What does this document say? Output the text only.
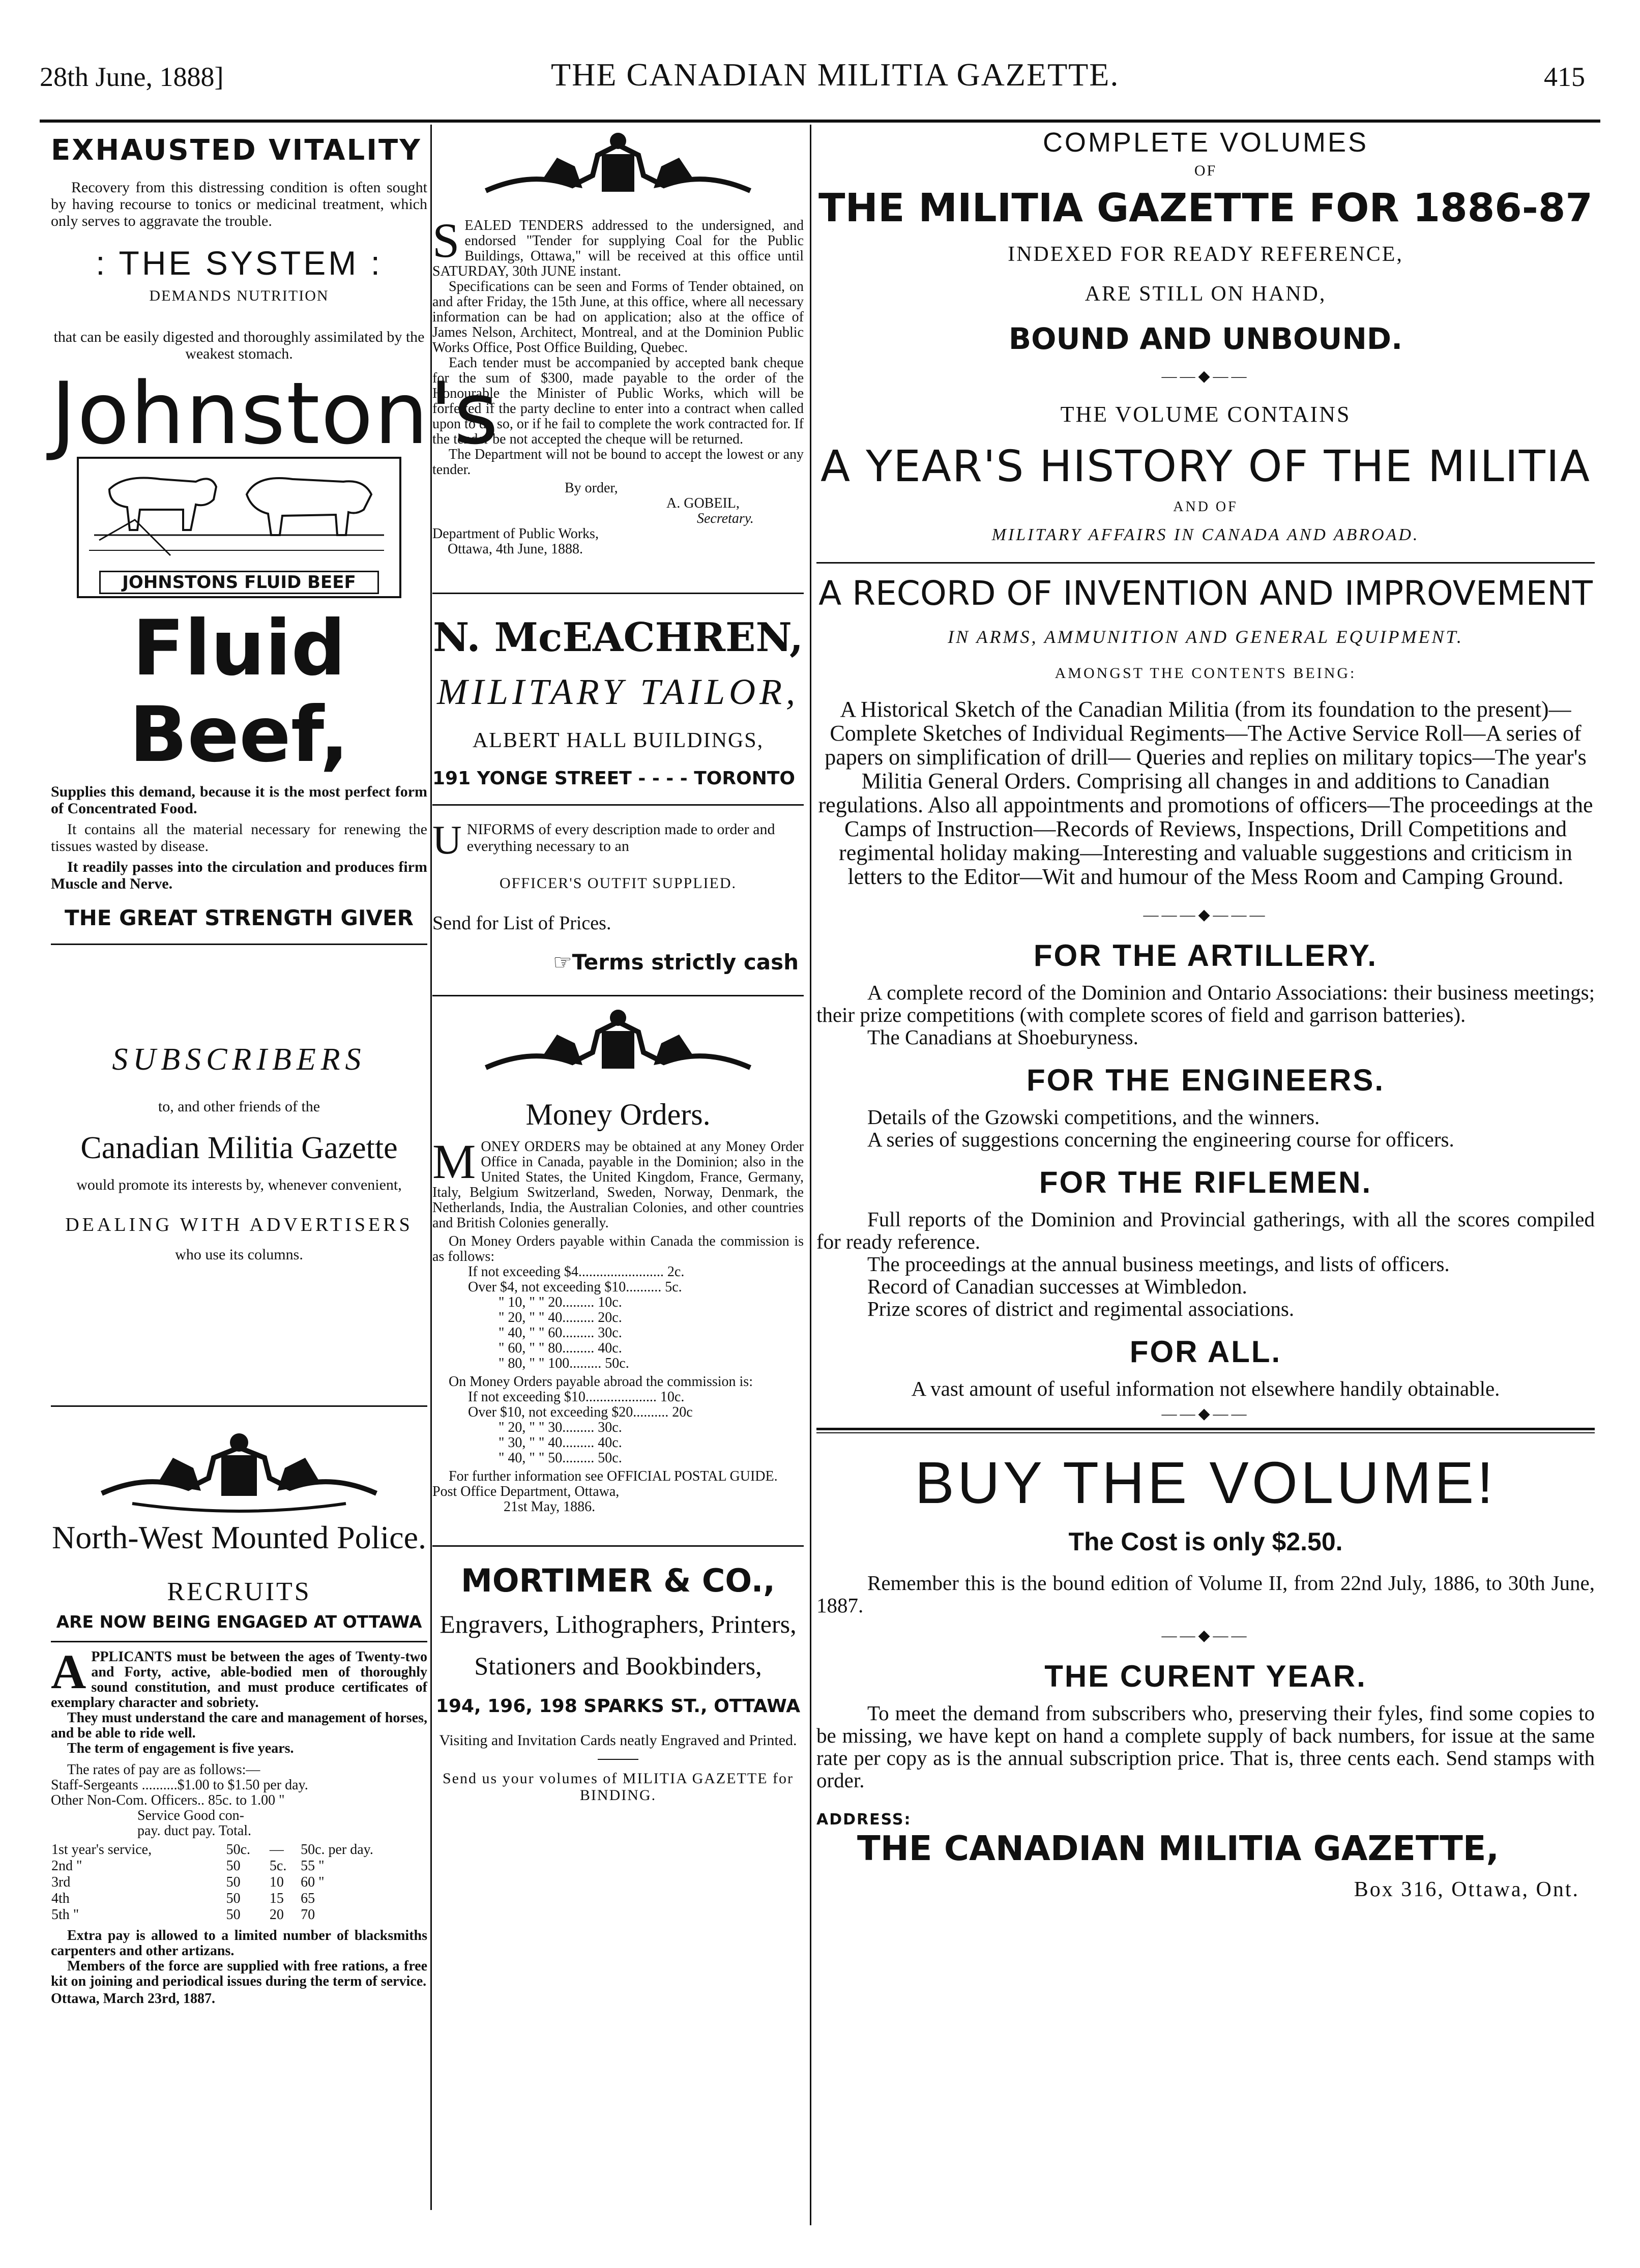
28th June, 1888]	THE CANADIAN MILITIA GAZETTE.	415
EXHAUSTED VITALITY

Recovery from this distressing condition is often sought by having recourse to tonics or medicinal treatment, which only serves to aggravate the trouble.

: THE SYSTEM :

DEMANDS NUTRITION

that can be easily digested and thoroughly assimilated by the weakest stomach.

Johnston's
JOHNSTONS FLUID BEEF
Fluid Beef,

Supplies this demand, because it is the most perfect form of Concentrated Food.

It contains all the material necessary for renewing the tissues wasted by disease.

It readily passes into the circulation and produces firm Muscle and Nerve.

THE GREAT STRENGTH GIVER
SUBSCRIBERS

to, and other friends of the

Canadian Militia Gazette

would promote its interests by, whenever convenient,

DEALING WITH ADVERTISERS

who use its columns.

North-West Mounted Police.
RECRUITS
ARE NOW BEING ENGAGED AT OTTAWA

APPLICANTS must be between the ages of Twenty-two and Forty, active, able-bodied men of thoroughly sound constitution, and must produce certificates of exemplary character and sobriety.

They must understand the care and management of horses, and be able to ride well.

The term of engagement is five years.

The rates of pay are as follows:—

Staff-Sergeants ..........$1.00 to $1.50 per day.

Other Non-Com. Officers.. 85c. to 1.00 "

Service Good con-

pay. duct pay. Total.

1st year's service,	50c.	—	50c. per day.
2nd "	50	5c.	55 "
3rd	50	10	60 "
4th	50	15	65
5th "	50	20	70

Extra pay is allowed to a limited number of blacksmiths carpenters and other artizans.

Members of the force are supplied with free rations, a free kit on joining and periodical issues during the term of service.

Ottawa, March 23rd, 1887.

SEALED TENDERS addressed to the undersigned, and endorsed "Tender for supplying Coal for the Public Buildings, Ottawa," will be received at this office until SATURDAY, 30th JUNE instant.

Specifications can be seen and Forms of Tender obtained, on and after Friday, the 15th June, at this office, where all necessary information can be had on application; also at the office of James Nelson, Architect, Montreal, and at the Dominion Public Works Office, Post Office Building, Quebec.

Each tender must be accompanied by accepted bank cheque for the sum of $300, made payable to the order of the Honourable the Minister of Public Works, which will be forfeited if the party decline to enter into a contract when called upon to do so, or if he fail to complete the work contracted for. If the tender be not accepted the cheque will be returned.

The Department will not be bound to accept the lowest or any tender.

By order,

A. GOBEIL,

Secretary.

Department of Public Works,

Ottawa, 4th June, 1888.

N. McEACHREN,
MILITARY TAILOR,
ALBERT HALL BUILDINGS,
191 YONGE STREET - - - - TORONTO

UNIFORMS of every description made to order and everything necessary to an

OFFICER'S OUTFIT SUPPLIED.

Send for List of Prices.

☞Terms strictly cash
Money Orders.

MONEY ORDERS may be obtained at any Money Order Office in Canada, payable in the Dominion; also in the United States, the United Kingdom, France, Germany, Italy, Belgium Switzerland, Sweden, Norway, Denmark, the Netherlands, India, the Australian Colonies, and other countries and British Colonies generally.

On Money Orders payable within Canada the commission is as follows:

If not exceeding $4........................ 2c.

Over $4, not exceeding $10.......... 5c.

" 10, " " 20......... 10c.

" 20, " " 40......... 20c.

" 40, " " 60......... 30c.

" 60, " " 80......... 40c.

" 80, " " 100......... 50c.

On Money Orders payable abroad the commission is:

If not exceeding $10.................... 10c.

Over $10, not exceeding $20.......... 20c

" 20, " " 30......... 30c.

" 30, " " 40......... 40c.

" 40, " " 50......... 50c.

For further information see OFFICIAL POSTAL GUIDE.

Post Office Department, Ottawa,

21st May, 1886.

MORTIMER & CO.,
Engravers, Lithographers, Printers,
Stationers and Bookbinders,
194, 196, 198 SPARKS ST., OTTAWA

Visiting and Invitation Cards neatly Engraved and Printed.

Send us your volumes of MILITIA GAZETTE for BINDING.

COMPLETE VOLUMES
OF
THE MILITIA GAZETTE FOR 1886-87
INDEXED FOR READY REFERENCE,
ARE STILL ON HAND,
BOUND AND UNBOUND.
——◆——
THE VOLUME CONTAINS
A YEAR'S HISTORY OF THE MILITIA
AND OF
MILITARY AFFAIRS IN CANADA AND ABROAD.
A RECORD OF INVENTION AND IMPROVEMENT
IN ARMS, AMMUNITION AND GENERAL EQUIPMENT.
AMONGST THE CONTENTS BEING:

A Historical Sketch of the Canadian Militia (from its foundation to the present)—Complete Sketches of Individual Regiments—The Active Service Roll—A series of papers on simplification of drill— Queries and replies on military topics—The year's Militia General Orders. Comprising all changes in and additions to Canadian regulations. Also all appointments and promotions of officers—The proceedings at the Camps of Instruction—Records of Reviews, Inspections, Drill Competitions and regimental holiday making—Interesting and valuable suggestions and criticism in letters to the Editor—Wit and humour of the Mess Room and Camping Ground.

———◆———
FOR THE ARTILLERY.

A complete record of the Dominion and Ontario Associations: their business meetings; their prize competitions (with complete scores of field and garrison batteries).

The Canadians at Shoeburyness.

FOR THE ENGINEERS.

Details of the Gzowski competitions, and the winners.

A series of suggestions concerning the engineering course for officers.

FOR THE RIFLEMEN.

Full reports of the Dominion and Provincial gatherings, with all the scores compiled for ready reference.

The proceedings at the annual business meetings, and lists of officers.

Record of Canadian successes at Wimbledon.

Prize scores of district and regimental associations.

FOR ALL.

A vast amount of useful information not elsewhere handily obtainable.

——◆——
BUY THE VOLUME!
The Cost is only $2.50.

Remember this is the bound edition of Volume II, from 22nd July, 1886, to 30th June, 1887.

——◆——
THE CURENT YEAR.

To meet the demand from subscribers who, preserving their fyles, find some copies to be missing, we have kept on hand a complete supply of back numbers, for issue at the same rate per copy as is the annual subscription price. That is, three cents each. Send stamps with order.

ADDRESS: THE CANADIAN MILITIA GAZETTE,
Box 316, Ottawa, Ont.
